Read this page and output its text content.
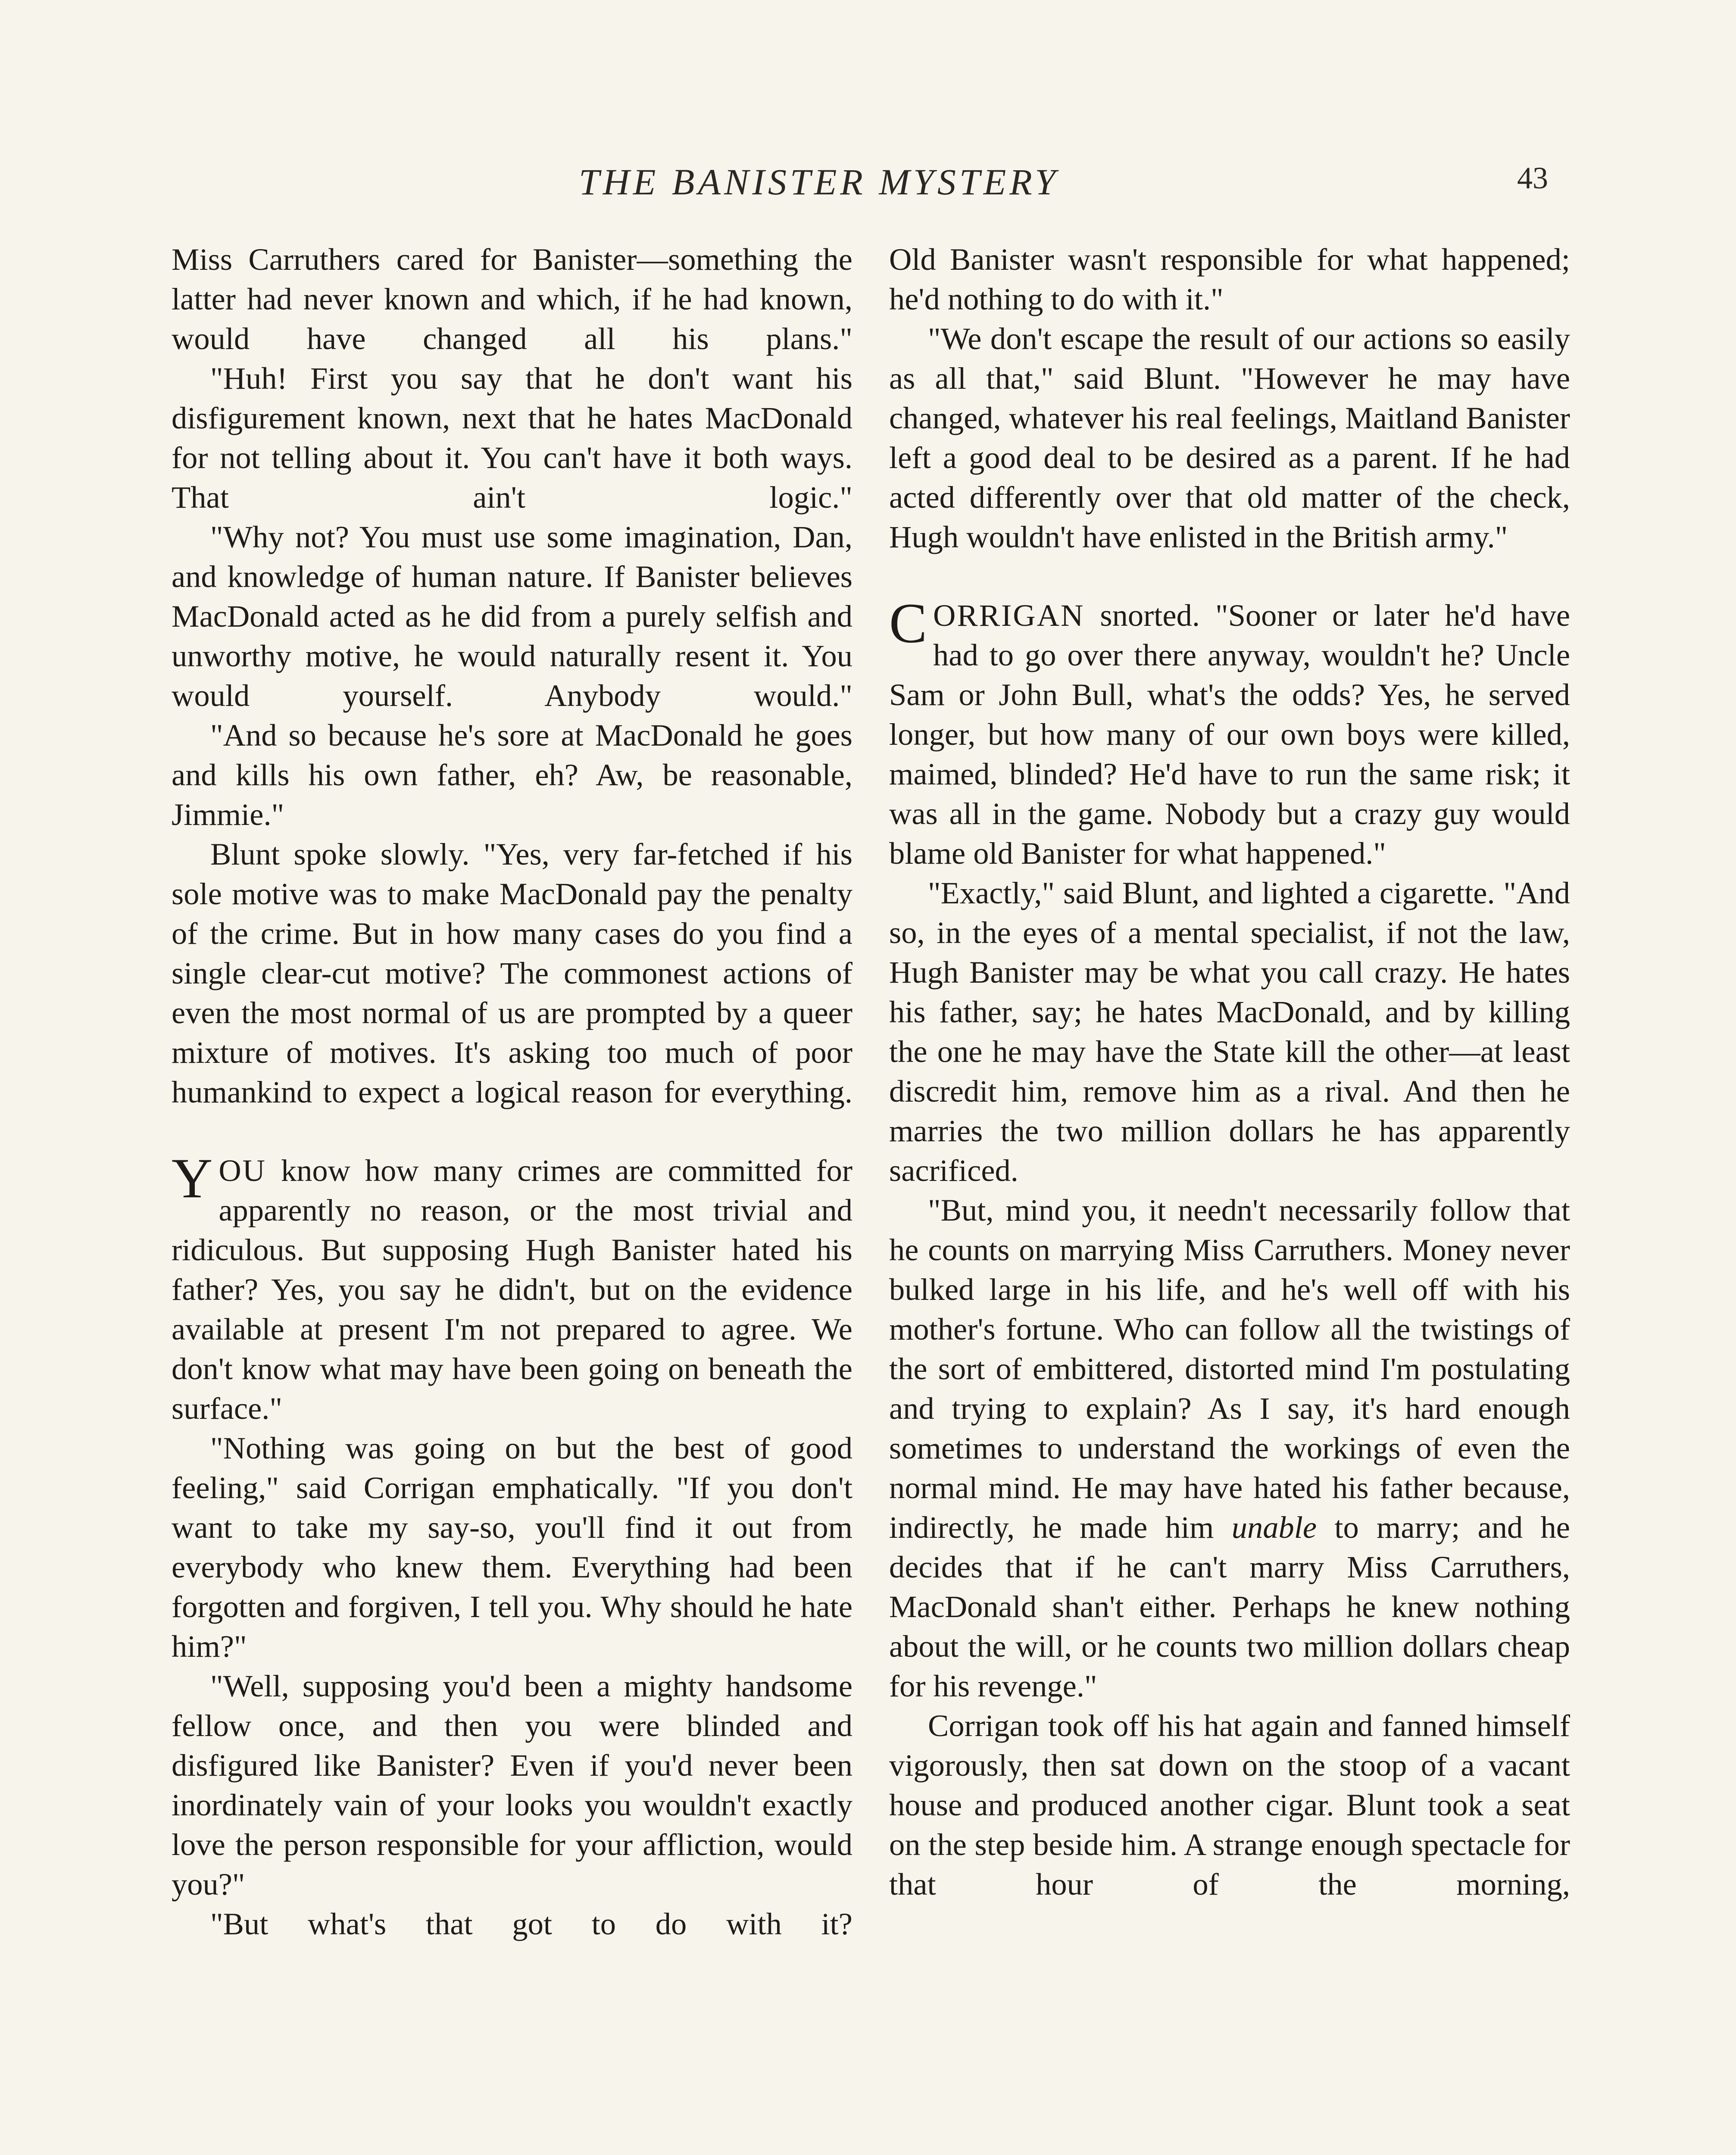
THE BANISTER MYSTERY	43

Miss Carruthers cared for Banister—something the latter had never known and which, if he had known, would have changed all his plans."

"Huh! First you say that he don't want his disfigurement known, next that he hates MacDonald for not telling about it. You can't have it both ways. That ain't logic."

"Why not? You must use some imagination, Dan, and knowledge of human nature. If Banister believes MacDonald acted as he did from a purely selfish and unworthy motive, he would naturally resent it. You would yourself. Anybody would."

"And so because he's sore at MacDonald he goes and kills his own father, eh? Aw, be reasonable, Jimmie."

Blunt spoke slowly. "Yes, very far-fetched if his sole motive was to make MacDonald pay the penalty of the crime. But in how many cases do you find a single clear-cut motive? The commonest actions of even the most normal of us are prompted by a queer mixture of motives. It's asking too much of poor humankind to expect a logical reason for everything.

YOU know how many crimes are committed for apparently no reason, or the most trivial and ridiculous. But supposing Hugh Banister hated his father? Yes, you say he didn't, but on the evidence available at present I'm not prepared to agree. We don't know what may have been going on beneath the surface."

"Nothing was going on but the best of good feeling," said Corrigan emphatically. "If you don't want to take my say-so, you'll find it out from everybody who knew them. Everything had been forgotten and forgiven, I tell you. Why should he hate him?"

"Well, supposing you'd been a mighty handsome fellow once, and then you were blinded and disfigured like Banister? Even if you'd never been inordinately vain of your looks you wouldn't exactly love the person responsible for your affliction, would you?"

"But what's that got to do with it?

Old Banister wasn't responsible for what happened; he'd nothing to do with it."

"We don't escape the result of our actions so easily as all that," said Blunt. "However he may have changed, whatever his real feelings, Maitland Banister left a good deal to be desired as a parent. If he had acted differently over that old matter of the check, Hugh wouldn't have enlisted in the British army."

CORRIGAN snorted. "Sooner or later he'd have had to go over there anyway, wouldn't he? Uncle Sam or John Bull, what's the odds? Yes, he served longer, but how many of our own boys were killed, maimed, blinded? He'd have to run the same risk; it was all in the game. Nobody but a crazy guy would blame old Banister for what happened."

"Exactly," said Blunt, and lighted a cigarette. "And so, in the eyes of a mental specialist, if not the law, Hugh Banister may be what you call crazy. He hates his father, say; he hates MacDonald, and by killing the one he may have the State kill the other—at least discredit him, remove him as a rival. And then he marries the two million dollars he has apparently sacrificed.

"But, mind you, it needn't necessarily follow that he counts on marrying Miss Carruthers. Money never bulked large in his life, and he's well off with his mother's fortune. Who can follow all the twistings of the sort of embittered, distorted mind I'm postulating and trying to explain? As I say, it's hard enough sometimes to understand the workings of even the normal mind. He may have hated his father because, indirectly, he made him unable to marry; and he decides that if he can't marry Miss Carruthers, MacDonald shan't either. Perhaps he knew nothing about the will, or he counts two million dollars cheap for his revenge."

Corrigan took off his hat again and fanned himself vigorously, then sat down on the stoop of a vacant house and produced another cigar. Blunt took a seat on the step beside him. A strange enough spectacle for that hour of the morning,
